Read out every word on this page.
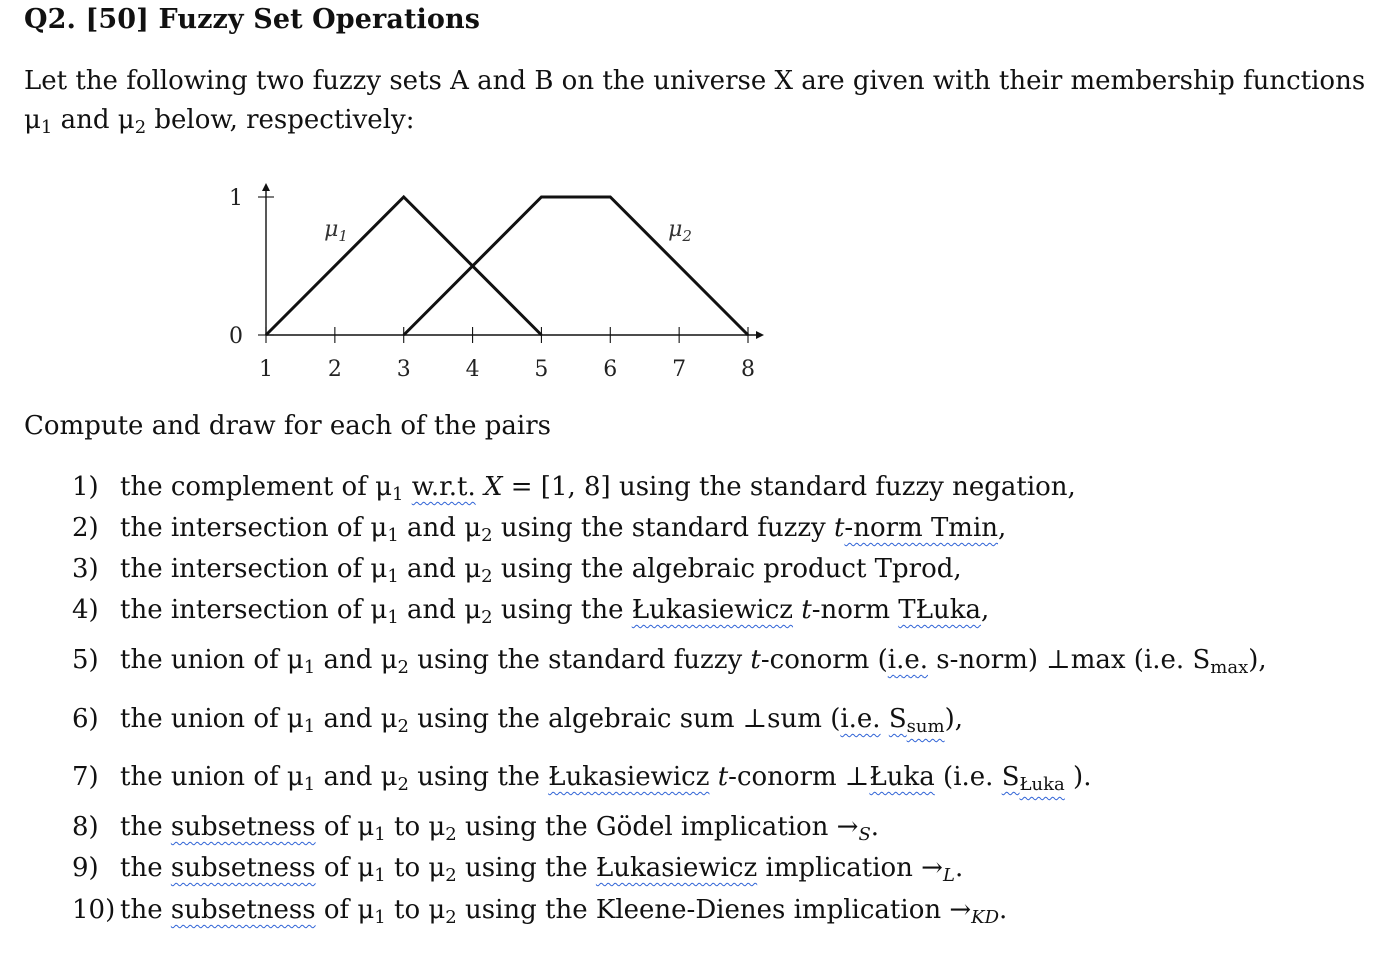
Q2. [50] Fuzzy Set Operations

Let the following two fuzzy sets A and B on the universe X are given with their membership functions $\mu_1$ and $\mu_2$ below, respectively:

Compute and draw for each of the pairs

1) the complement of $\mu_1$ w.r.t. X = [1, 8] using the standard fuzzy negation,
2) the intersection of $\mu_1$ and $\mu_2$ using the standard fuzzy t-norm Tmin,
3) the intersection of $\mu_1$ and $\mu_2$ using the algebraic product Tprod,
4) the intersection of $\mu_1$ and $\mu_2$ using the Łukasiewicz t-norm TŁuka,
5) the union of $\mu_1$ and $\mu_2$ using the standard fuzzy t-conorm (i.e. s-norm) ⊥max (i.e. $S_{max}$),
6) the union of $\mu_1$ and $\mu_2$ using the algebraic sum ⊥sum (i.e. $S_{sum}$),
7) the union of $\mu_1$ and $\mu_2$ using the Łukasiewicz t-conorm ⊥Łuka (i.e. $S_{Łuka}$ ).
8) the subsetness of $\mu_1$ to $\mu_2$ using the Gödel implication $\to_S$.
9) the subsetness of $\mu_1$ to $\mu_2$ using the Łukasiewicz implication $\to_L$.
10) the subsetness of $\mu_1$ to $\mu_2$ using the Kleene-Dienes implication $\to_{KD}$.
1 2 3 4 5 6 7 8
0
1
$\mu_1$	$\mu_2$
